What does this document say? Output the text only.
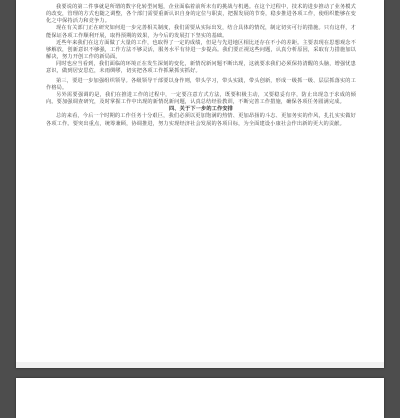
我要说的第二件事就是所谓的数字化转型问题，企业面临着前所未有的挑战与机遇。在这个过程中，技术的进步推动了业务模式的改变，管理的方式也随之调整，各个部门需要重新认识自身的定位与职责，把握发展的节奏，稳步推进各项工作，使组织能够在变化之中保持活力和竞争力。

现在有关部门正在研究如何进一步完善相关制度，我们需要从实际出发，结合具体的情况，制定切实可行的措施。只有这样，才能保证各项工作顺利开展，取得预期的效果，为今后的发展打下坚实的基础。

近些年来我们在这方面做了大量的工作，也取得了一定的成绩，但是与先进地区相比还存在不小的差距。主要表现在思想观念不够解放，创新意识不够强，工作方法不够灵活，服务水平有待进一步提高。我们要正视这些问题，认真分析原因，采取有力措施加以解决，努力开创工作的新局面。

同时也应当看到，我们面临的环境正在发生深刻的变化，新情况新问题不断出现，这就要求我们必须保持清醒的头脑，增强忧患意识，做到居安思危，未雨绸缪，切实把各项工作抓紧抓实抓好。

第三，要进一步加强组织领导。各级领导干部要以身作则，带头学习，带头实践，带头创新，形成一级抓一级、层层抓落实的工作格局。

另外需要强调的是，我们在推进工作的过程中，一定要注意方式方法，既要积极主动，又要稳妥有序，防止出现急于求成的倾向。要加强调查研究，及时掌握工作中出现的新情况新问题，认真总结经验教训，不断完善工作措施，确保各项任务圆满完成。

四、关于下一步的工作安排

总的来看，今后一个时期的工作任务十分艰巨，我们必须以更加饱满的热情、更加昂扬的斗志、更加务实的作风，扎扎实实做好各项工作。要突出重点，统筹兼顾，协调推进，努力实现经济社会发展的各项目标，为全面建设小康社会作出新的更大的贡献。
